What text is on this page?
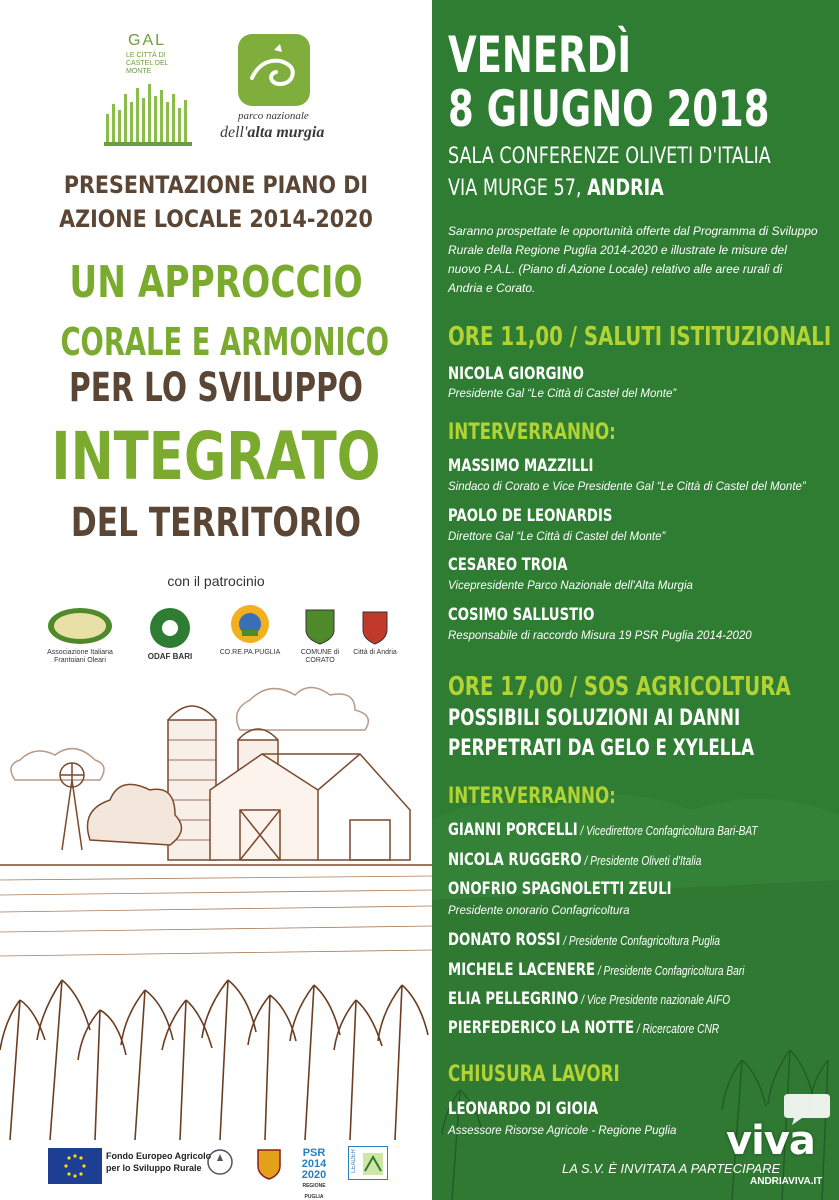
GAL
LE CITTÀ DI CASTEL DEL MONTE
parco nazionale
dell'alta murgia
PRESENTAZIONE PIANO DI
AZIONE LOCALE 2014-2020
UN APPROCCIO
CORALE E ARMONICO
PER LO SVILUPPO
INTEGRATO
DEL TERRITORIO
con il patrocinio
Associazione Italiana Frantoiani Oleari	ODAF BARI	CO.RE.PA.PUGLIA	COMUNE di CORATO
Città di Andria
Fondo Europeo Agricolo
per lo Sviluppo Rurale
PSR 2014 2020
REGIONE PUGLIA
LEADER
VENERDÌ
8 GIUGNO 2018
SALA CONFERENZE OLIVETI D'ITALIA
VIA MURGE 57, ANDRIA
Saranno prospettate le opportunità offerte dal Programma di Sviluppo Rurale della Regione Puglia 2014-2020 e illustrate le misure del nuovo P.A.L. (Piano di Azione Locale) relativo alle aree rurali di Andria e Corato.
ORE 11,00 / SALUTI ISTITUZIONALI
NICOLA GIORGINO
Presidente Gal “Le Città di Castel del Monte”
INTERVERRANNO:
MASSIMO MAZZILLI
Sindaco di Corato e Vice Presidente Gal “Le Città di Castel del Monte”
PAOLO DE LEONARDIS
Direttore Gal “Le Città di Castel del Monte”
CESAREO TROIA
Vicepresidente Parco Nazionale dell'Alta Murgia
COSIMO SALLUSTIO
Responsabile di raccordo Misura 19 PSR Puglia 2014-2020
ORE 17,00 / SOS AGRICOLTURA
POSSIBILI SOLUZIONI AI DANNI
PERPETRATI DA GELO E XYLELLA
INTERVERRANNO:
GIANNI PORCELLI / Vicedirettore Confagricoltura Bari-BAT
NICOLA RUGGERO / Presidente Oliveti d'Italia
ONOFRIO SPAGNOLETTI ZEULI
Presidente onorario Confagricoltura
DONATO ROSSI / Presidente Confagricoltura Puglia
MICHELE LACENERE / Presidente Confagricoltura Bari
ELIA PELLEGRINO / Vice Presidente nazionale AIFO
PIERFEDERICO LA NOTTE / Ricercatore CNR
CHIUSURA LAVORI
LEONARDO DI GIOIA
Assessore Risorse Agricole - Regione Puglia
LA S.V. È INVITATA A PARTECIPARE
viva
ANDRIAVIVA.IT
